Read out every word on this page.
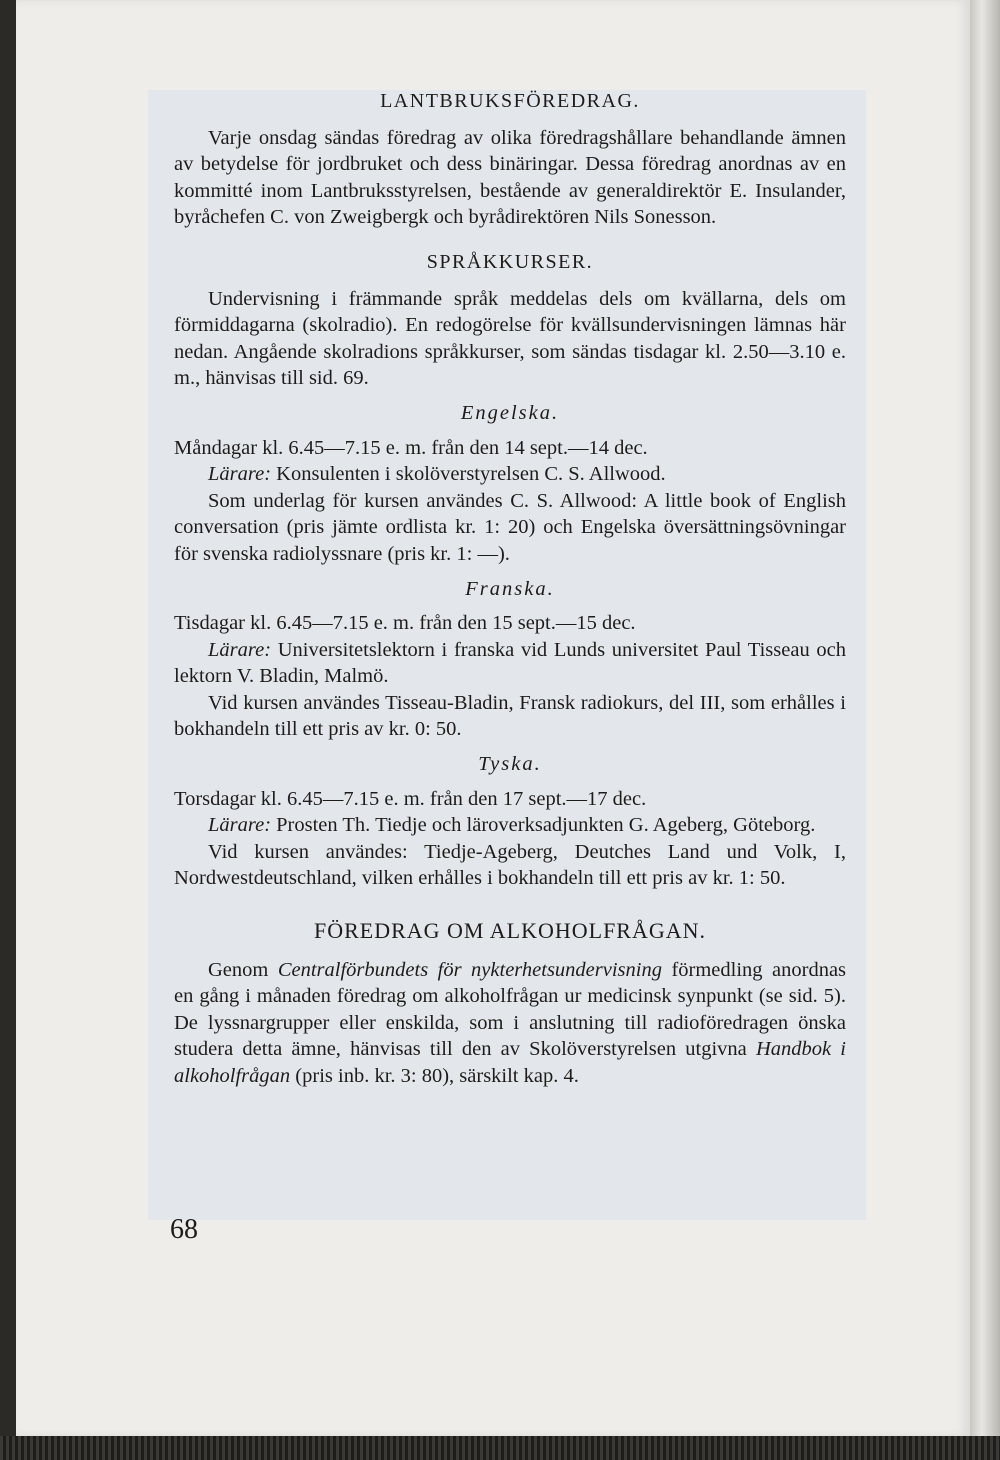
LANTBRUKSFÖREDRAG.

Varje onsdag sändas föredrag av olika föredragshållare behandlande ämnen av betydelse för jordbruket och dess binäringar. Dessa föredrag anordnas av en kommitté inom Lantbruksstyrelsen, bestående av generaldirektör E. Insulander, byråchefen C. von Zweigbergk och byrådirektören Nils Sonesson.

SPRÅKKURSER.

Undervisning i främmande språk meddelas dels om kvällarna, dels om förmiddagarna (skolradio). En redogörelse för kvällsundervisningen lämnas här nedan. Angående skolradions språkkurser, som sändas tisdagar kl. 2.50—3.10 e. m., hänvisas till sid. 69.

Engelska.

Måndagar kl. 6.45—7.15 e. m. från den 14 sept.—14 dec.

Lärare: Konsulenten i skolöverstyrelsen C. S. Allwood.

Som underlag för kursen användes C. S. Allwood: A little book of English conversation (pris jämte ordlista kr. 1: 20) och Engelska översättningsövningar för svenska radiolyssnare (pris kr. 1: —).

Franska.

Tisdagar kl. 6.45—7.15 e. m. från den 15 sept.—15 dec.

Lärare: Universitetslektorn i franska vid Lunds universitet Paul Tisseau och lektorn V. Bladin, Malmö.

Vid kursen användes Tisseau-Bladin, Fransk radiokurs, del III, som erhålles i bokhandeln till ett pris av kr. 0: 50.

Tyska.

Torsdagar kl. 6.45—7.15 e. m. från den 17 sept.—17 dec.

Lärare: Prosten Th. Tiedje och läroverksadjunkten G. Ageberg, Göteborg.

Vid kursen användes: Tiedje-Ageberg, Deutches Land und Volk, I, Nordwestdeutschland, vilken erhålles i bokhandeln till ett pris av kr. 1: 50.

FÖREDRAG OM ALKOHOLFRÅGAN.

Genom Centralförbundets för nykterhetsundervisning förmedling anordnas en gång i månaden föredrag om alkoholfrågan ur medicinsk synpunkt (se sid. 5). De lyssnargrupper eller enskilda, som i anslutning till radioföredragen önska studera detta ämne, hänvisas till den av Skolöverstyrelsen utgivna Handbok i alkoholfrågan (pris inb. kr. 3: 80), särskilt kap. 4.

68
